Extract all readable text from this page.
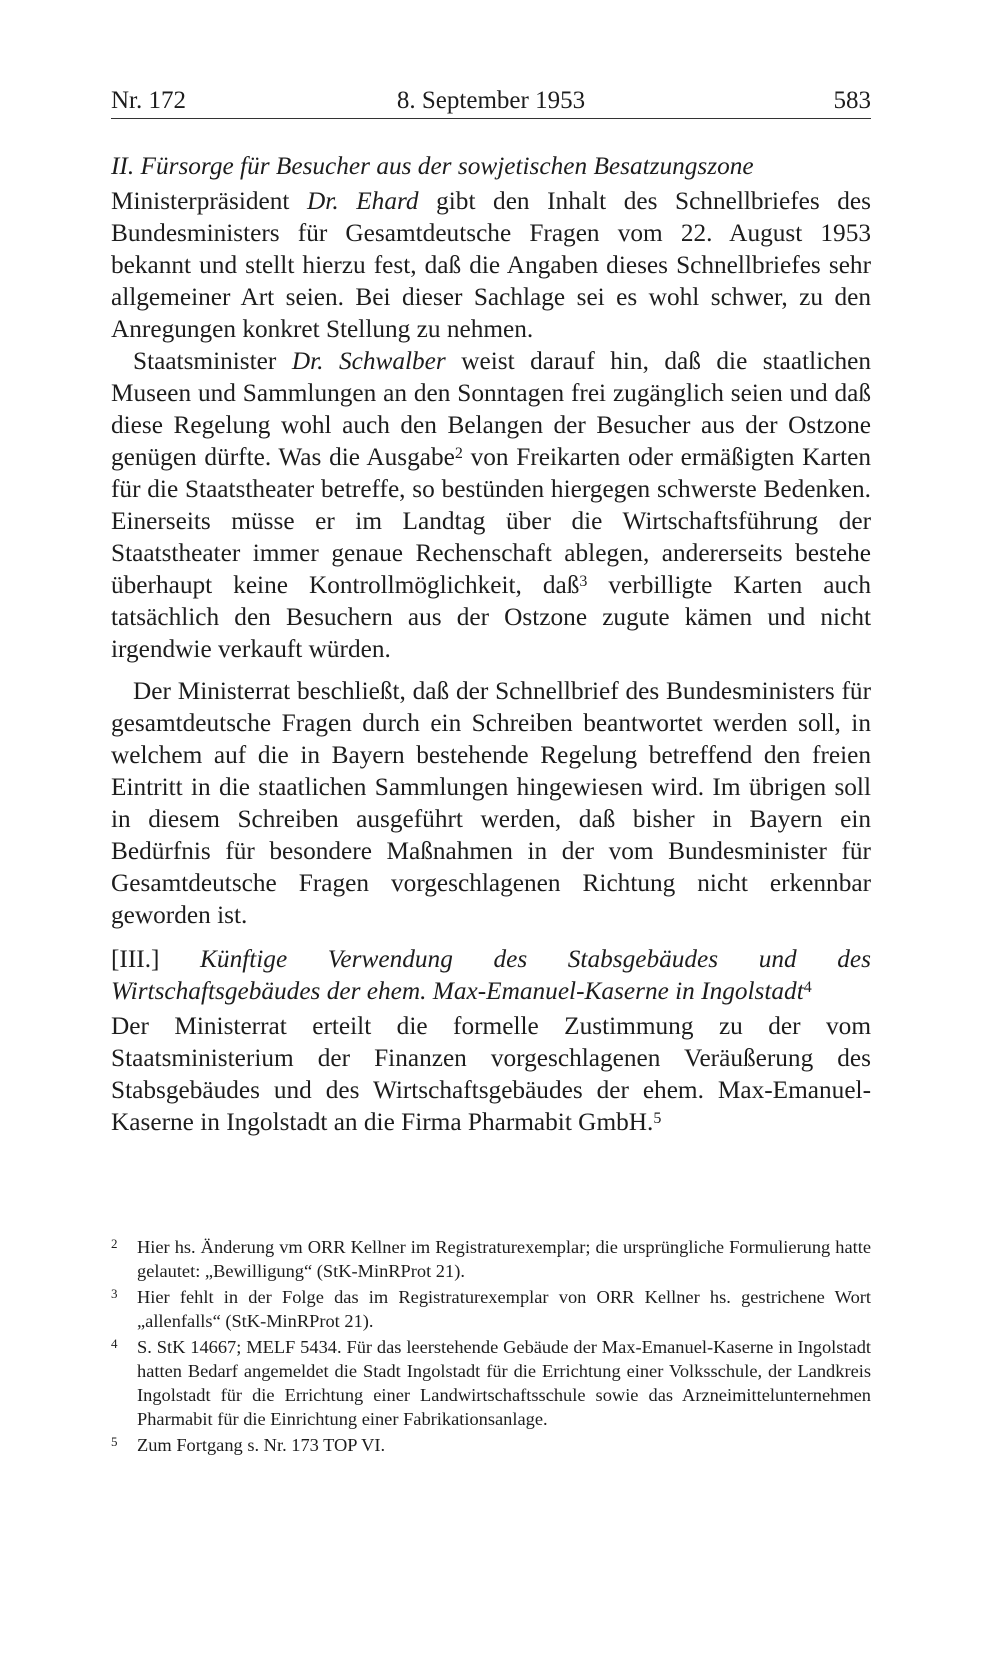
Nr. 172	8. September 1953	583

II. Fürsorge für Besucher aus der sowjetischen Besatzungszone

Ministerpräsident Dr. Ehard gibt den Inhalt des Schnellbriefes des Bundesministers für Gesamtdeutsche Fragen vom 22. August 1953 bekannt und stellt hierzu fest, daß die Angaben dieses Schnellbriefes sehr allgemeiner Art seien. Bei dieser Sachlage sei es wohl schwer, zu den Anregungen konkret Stellung zu nehmen.

Staatsminister Dr. Schwalber weist darauf hin, daß die staatlichen Museen und Sammlungen an den Sonntagen frei zugänglich seien und daß diese Regelung wohl auch den Belangen der Besucher aus der Ostzone genügen dürfte. Was die Ausgabe$^2$ von Freikarten oder ermäßigten Karten für die Staatstheater betreffe, so bestünden hiergegen schwerste Bedenken. Einerseits müsse er im Landtag über die Wirtschaftsführung der Staatstheater immer genaue Rechenschaft ablegen, andererseits bestehe überhaupt keine Kontrollmöglichkeit, daß$^3$ verbilligte Karten auch tatsächlich den Besuchern aus der Ostzone zugute kämen und nicht irgendwie verkauft würden.

Der Ministerrat beschließt, daß der Schnellbrief des Bundesministers für gesamtdeutsche Fragen durch ein Schreiben beantwortet werden soll, in welchem auf die in Bayern bestehende Regelung betreffend den freien Eintritt in die staatlichen Sammlungen hingewiesen wird. Im übrigen soll in diesem Schreiben ausgeführt werden, daß bisher in Bayern ein Bedürfnis für besondere Maßnahmen in der vom Bundesminister für Gesamtdeutsche Fragen vorgeschlagenen Richtung nicht erkennbar geworden ist.

[III.] Künftige Verwendung des Stabsgebäudes und des Wirtschaftsgebäudes der ehem. Max-Emanuel-Kaserne in Ingolstadt$^4$

Der Ministerrat erteilt die formelle Zustimmung zu der vom Staatsministerium der Finanzen vorgeschlagenen Veräußerung des Stabsgebäudes und des Wirtschaftsgebäudes der ehem. Max-Emanuel-Kaserne in Ingolstadt an die Firma Pharmabit GmbH.$^5$

2 Hier hs. Änderung vm ORR Kellner im Registraturexemplar; die ursprüngliche Formulierung hatte gelautet: „Bewilligung“ (StK-MinRProt 21).

3 Hier fehlt in der Folge das im Registraturexemplar von ORR Kellner hs. gestrichene Wort „allenfalls“ (StK-MinRProt 21).

4 S. StK 14667; MELF 5434. Für das leerstehende Gebäude der Max-Emanuel-Kaserne in Ingolstadt hatten Bedarf angemeldet die Stadt Ingolstadt für die Errichtung einer Volksschule, der Landkreis Ingolstadt für die Errichtung einer Landwirtschaftsschule sowie das Arzneimittelunternehmen Pharmabit für die Einrichtung einer Fabrikationsanlage.

5 Zum Fortgang s. Nr. 173 TOP VI.
